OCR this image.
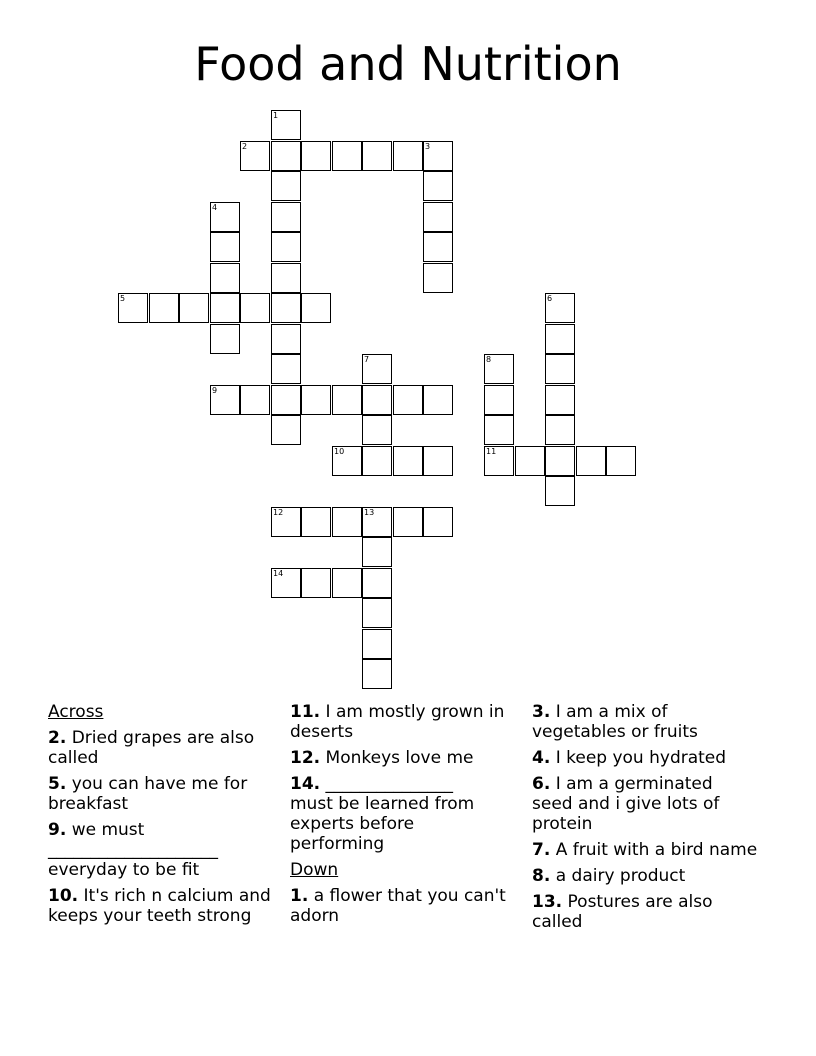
Food and Nutrition
1
2	3
4
5	6
7	8
9
10	11
12	13
14
Across
2. Dried grapes are also called
5. you can have me for breakfast
9. we must
____________________
everyday to be fit
10. It's rich n calcium and keeps your teeth strong
11. I am mostly grown in deserts
12. Monkeys love me
14. _______________
must be learned from experts before performing
Down
1. a flower that you can't adorn
3. I am a mix of vegetables or fruits
4. I keep you hydrated
6. I am a germinated seed and i give lots of protein
7. A fruit with a bird name
8. a dairy product
13. Postures are also called
